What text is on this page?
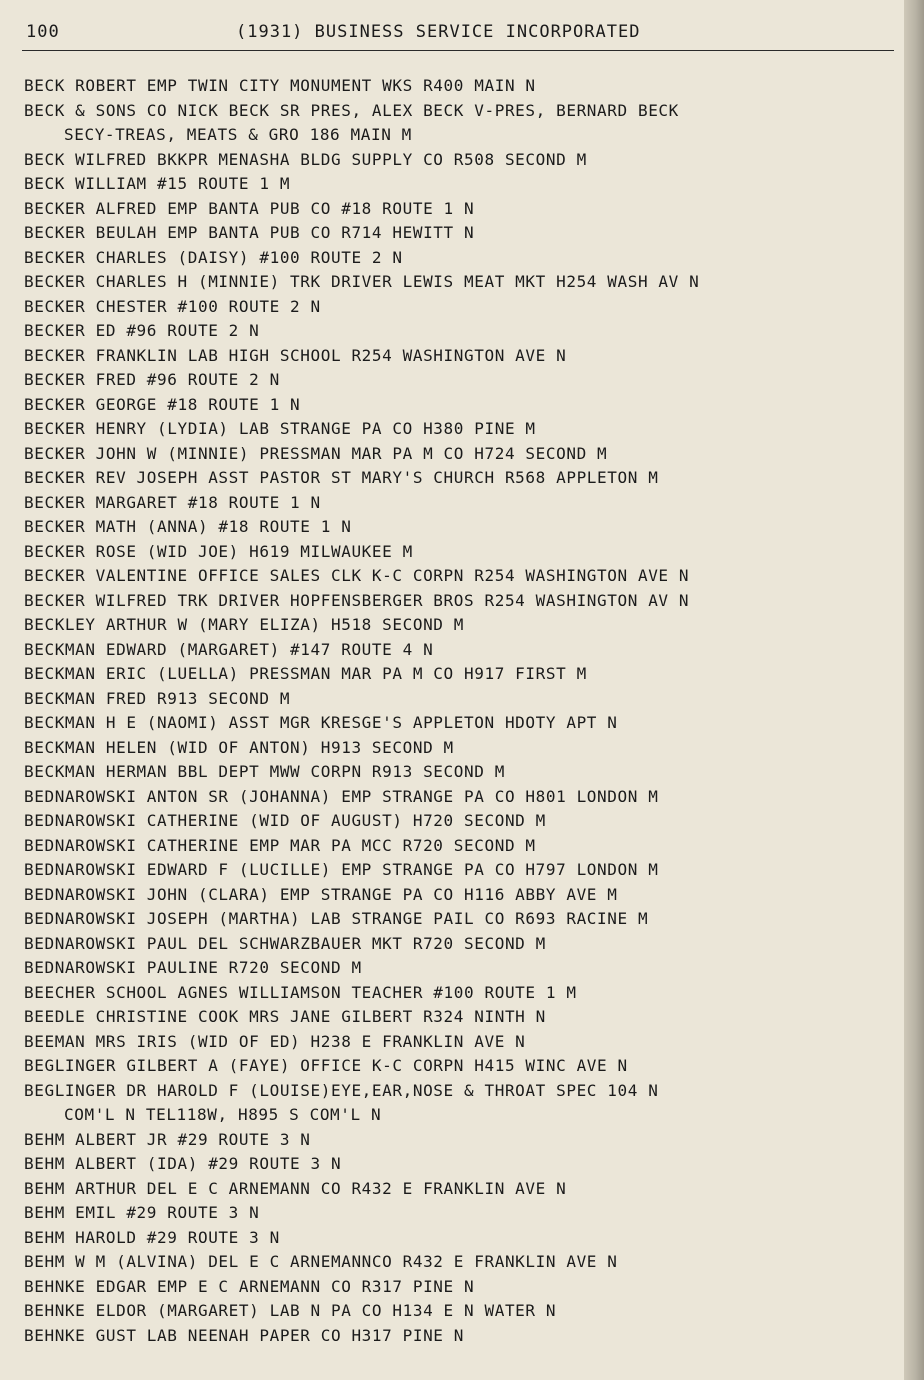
100	(1931) BUSINESS SERVICE INCORPORATED
BECK ROBERT EMP TWIN CITY MONUMENT WKS R400 MAIN N
BECK & SONS CO NICK BECK SR PRES, ALEX BECK V-PRES, BERNARD BECK
SECY-TREAS, MEATS & GRO 186 MAIN M
BECK WILFRED BKKPR MENASHA BLDG SUPPLY CO R508 SECOND M
BECK WILLIAM #15 ROUTE 1 M
BECKER ALFRED EMP BANTA PUB CO #18 ROUTE 1 N
BECKER BEULAH EMP BANTA PUB CO R714 HEWITT N
BECKER CHARLES (DAISY) #100 ROUTE 2 N
BECKER CHARLES H (MINNIE) TRK DRIVER LEWIS MEAT MKT H254 WASH AV N
BECKER CHESTER #100 ROUTE 2 N
BECKER ED #96 ROUTE 2 N
BECKER FRANKLIN LAB HIGH SCHOOL R254 WASHINGTON AVE N
BECKER FRED #96 ROUTE 2 N
BECKER GEORGE #18 ROUTE 1 N
BECKER HENRY (LYDIA) LAB STRANGE PA CO H380 PINE M
BECKER JOHN W (MINNIE) PRESSMAN MAR PA M CO H724 SECOND M
BECKER REV JOSEPH ASST PASTOR ST MARY'S CHURCH R568 APPLETON M
BECKER MARGARET #18 ROUTE 1 N
BECKER MATH (ANNA) #18 ROUTE 1 N
BECKER ROSE (WID JOE) H619 MILWAUKEE M
BECKER VALENTINE OFFICE SALES CLK K-C CORPN R254 WASHINGTON AVE N
BECKER WILFRED TRK DRIVER HOPFENSBERGER BROS R254 WASHINGTON AV N
BECKLEY ARTHUR W (MARY ELIZA) H518 SECOND M
BECKMAN EDWARD (MARGARET) #147 ROUTE 4 N
BECKMAN ERIC (LUELLA) PRESSMAN MAR PA M CO H917 FIRST M
BECKMAN FRED R913 SECOND M
BECKMAN H E (NAOMI) ASST MGR KRESGE'S APPLETON HDOTY APT N
BECKMAN HELEN (WID OF ANTON) H913 SECOND M
BECKMAN HERMAN BBL DEPT MWW CORPN R913 SECOND M
BEDNAROWSKI ANTON SR (JOHANNA) EMP STRANGE PA CO H801 LONDON M
BEDNAROWSKI CATHERINE (WID OF AUGUST) H720 SECOND M
BEDNAROWSKI CATHERINE EMP MAR PA MCC R720 SECOND M
BEDNAROWSKI EDWARD F (LUCILLE) EMP STRANGE PA CO H797 LONDON M
BEDNAROWSKI JOHN (CLARA) EMP STRANGE PA CO H116 ABBY AVE M
BEDNAROWSKI JOSEPH (MARTHA) LAB STRANGE PAIL CO R693 RACINE M
BEDNAROWSKI PAUL DEL SCHWARZBAUER MKT R720 SECOND M
BEDNAROWSKI PAULINE R720 SECOND M
BEECHER SCHOOL AGNES WILLIAMSON TEACHER #100 ROUTE 1 M
BEEDLE CHRISTINE COOK MRS JANE GILBERT R324 NINTH N
BEEMAN MRS IRIS (WID OF ED) H238 E FRANKLIN AVE N
BEGLINGER GILBERT A (FAYE) OFFICE K-C CORPN H415 WINC AVE N
BEGLINGER DR HAROLD F (LOUISE)EYE,EAR,NOSE & THROAT SPEC 104 N
COM'L N TEL118W, H895 S COM'L N
BEHM ALBERT JR #29 ROUTE 3 N
BEHM ALBERT (IDA) #29 ROUTE 3 N
BEHM ARTHUR DEL E C ARNEMANN CO R432 E FRANKLIN AVE N
BEHM EMIL #29 ROUTE 3 N
BEHM HAROLD #29 ROUTE 3 N
BEHM W M (ALVINA) DEL E C ARNEMANNCO R432 E FRANKLIN AVE N
BEHNKE EDGAR EMP E C ARNEMANN CO R317 PINE N
BEHNKE ELDOR (MARGARET) LAB N PA CO H134 E N WATER N
BEHNKE GUST LAB NEENAH PAPER CO H317 PINE N
